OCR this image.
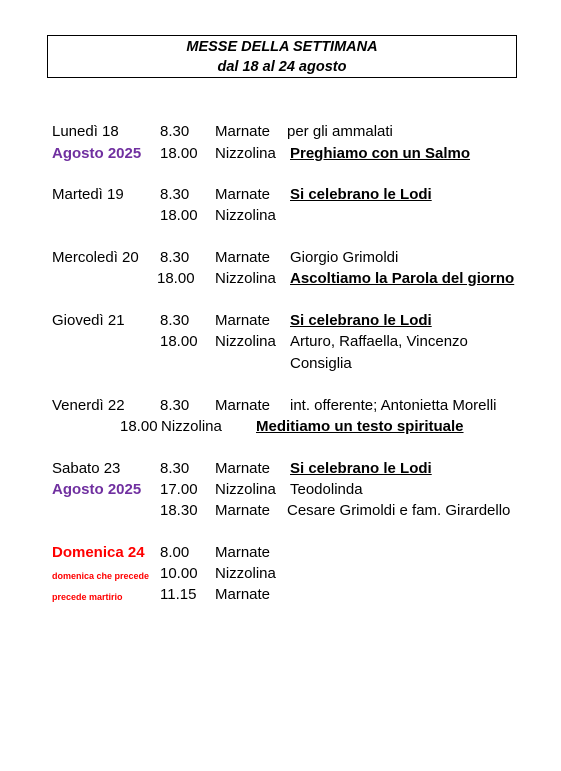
MESSE DELLA SETTIMANA
dal 18 al 24 agosto
Lunedì 18	8.30 Marnate per gli ammalati
Agosto 2025 18.00 Nizzolina Preghiamo con un Salmo
Martedì 19 8.30 Marnate Si celebrano le Lodi
18.00 Nizzolina
Mercoledì 20 8.30 Marnate Giorgio Grimoldi
18.00 Nizzolina Ascoltiamo la Parola del giorno
Giovedì 21 8.30 Marnate Si celebrano le Lodi
18.00 Nizzolina Arturo, Raffaella, Vincenzo
Consiglia
Venerdì 22 8.30 Marnate int. offerente; Antonietta Morelli
18.00 Nizzolina Meditiamo un testo spirituale
Sabato 23	8.30 Marnate Si celebrano le Lodi
Agosto 2025 17.00 Nizzolina Teodolinda
18.30 Marnate Cesare Grimoldi e fam. Girardello
Domenica 24 8.00 Marnate
domenica che precede 10.00 Nizzolina
precede martirio 11.15 Marnate
